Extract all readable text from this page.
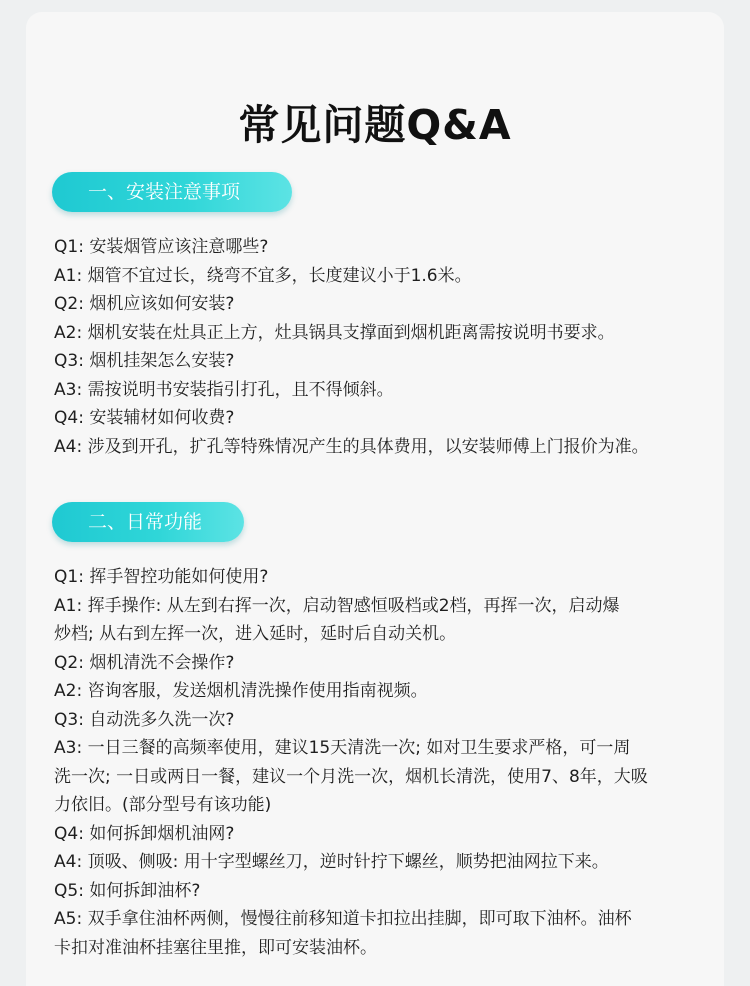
常见问题Q&A
一、安装注意事项
Q1: 安装烟管应该注意哪些?
A1: 烟管不宜过长，绕弯不宜多，长度建议小于1.6米。
Q2: 烟机应该如何安装?
A2: 烟机安装在灶具正上方，灶具锅具支撑面到烟机距离需按说明书要求。
Q3: 烟机挂架怎么安装?
A3: 需按说明书安装指引打孔，且不得倾斜。
Q4: 安装辅材如何收费?
A4: 涉及到开孔，扩孔等特殊情况产生的具体费用，以安装师傅上门报价为准。
二、日常功能
Q1: 挥手智控功能如何使用?
A1: 挥手操作: 从左到右挥一次，启动智感恒吸档或2档，再挥一次，启动爆
炒档; 从右到左挥一次，进入延时，延时后自动关机。
Q2: 烟机清洗不会操作?
A2: 咨询客服，发送烟机清洗操作使用指南视频。
Q3: 自动洗多久洗一次?
A3: 一日三餐的高频率使用，建议15天清洗一次; 如对卫生要求严格，可一周
洗一次; 一日或两日一餐，建议一个月洗一次，烟机长清洗，使用7、8年，大吸
力依旧。(部分型号有该功能)
Q4: 如何拆卸烟机油网?
A4: 顶吸、侧吸: 用十字型螺丝刀，逆时针拧下螺丝，顺势把油网拉下来。
Q5: 如何拆卸油杯?
A5: 双手拿住油杯两侧，慢慢往前移知道卡扣拉出挂脚，即可取下油杯。油杯
卡扣对准油杯挂塞往里推，即可安装油杯。
